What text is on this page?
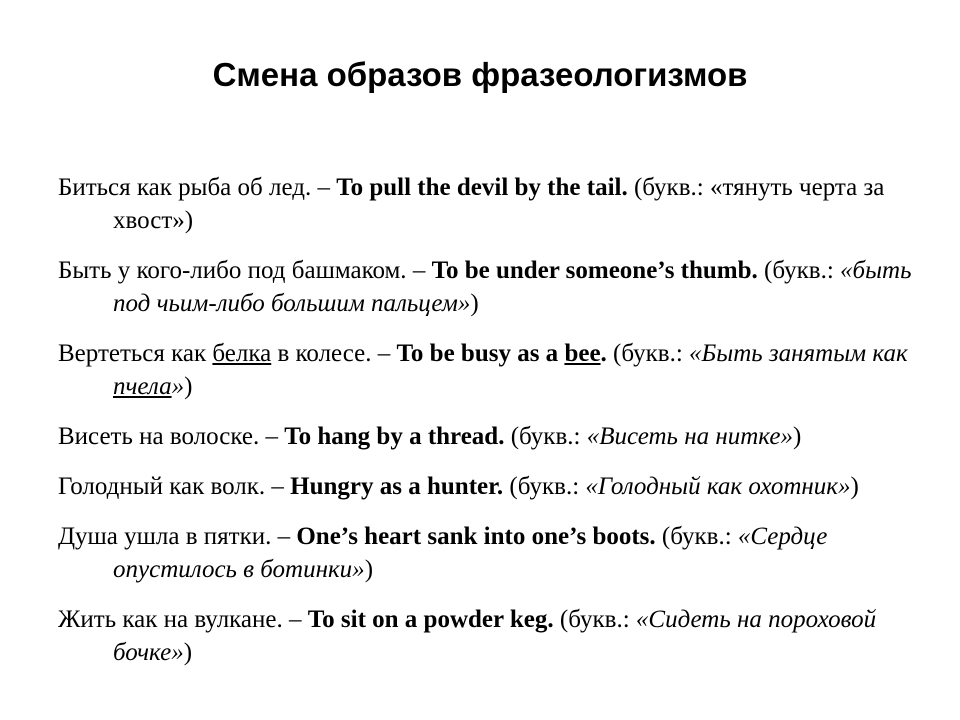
Смена образов фразеологизмов

Биться как рыба об лед. – To pull the devil by the tail. (букв.: «тянуть черта за хвост»)

Быть у кого-либо под башмаком. – To be under someone’s thumb. (букв.: «быть под чьим-либо большим пальцем»)

Вертеться как белка в колесе. – To be busy as a bee. (букв.: «Быть занятым как пчела»)

Висеть на волоске. – To hang by a thread. (букв.: «Висеть на нитке»)

Голодный как волк. – Hungry as a hunter. (букв.: «Голодный как охотник»)

Душа ушла в пятки. – One’s heart sank into one’s boots. (букв.: «Сердце опустилось в ботинки»)

Жить как на вулкане. – To sit on a powder keg. (букв.: «Сидеть на пороховой бочке»)
